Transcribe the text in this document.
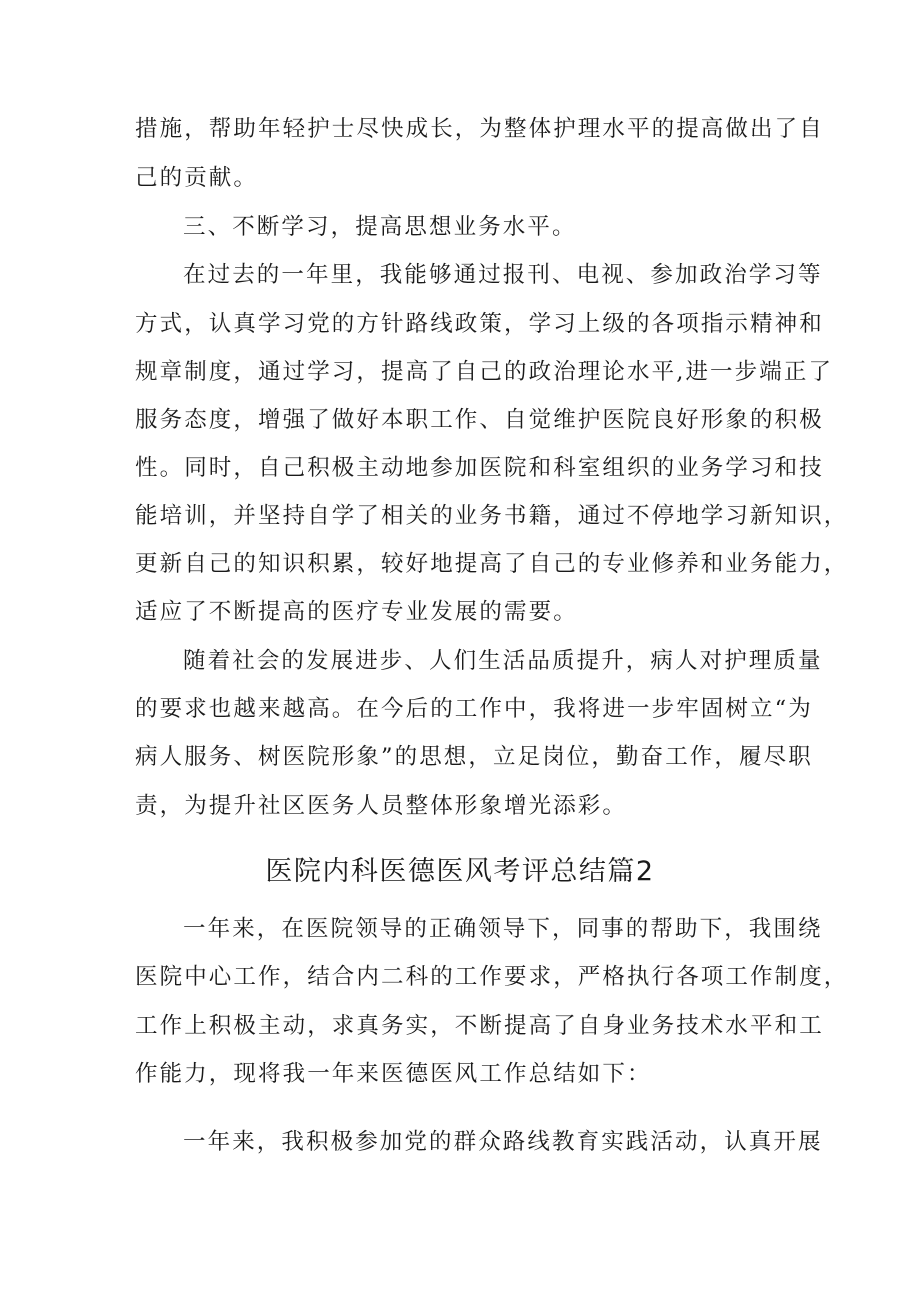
措施，帮助年轻护士尽快成长，为整体护理水平的提高做出了自
己的贡献。
三、不断学习，提高思想业务水平。
在过去的一年里，我能够通过报刊、电视、参加政治学习等
方式，认真学习党的方针路线政策，学习上级的各项指示精神和
规章制度，通过学习，提高了自己的政治理论水平,进一步端正了
服务态度，增强了做好本职工作、自觉维护医院良好形象的积极
性。同时，自己积极主动地参加医院和科室组织的业务学习和技
能培训，并坚持自学了相关的业务书籍，通过不停地学习新知识，
更新自己的知识积累，较好地提高了自己的专业修养和业务能力，
适应了不断提高的医疗专业发展的需要。
随着社会的发展进步、人们生活品质提升，病人对护理质量
的要求也越来越高。在今后的工作中，我将进一步牢固树立“为
病人服务、树医院形象”的思想，立足岗位，勤奋工作，履尽职
责，为提升社区医务人员整体形象增光添彩。
医院内科医德医风考评总结篇2
一年来，在医院领导的正确领导下，同事的帮助下，我围绕
医院中心工作，结合内二科的工作要求，严格执行各项工作制度，
工作上积极主动，求真务实，不断提高了自身业务技术水平和工
作能力，现将我一年来医德医风工作总结如下：
一年来，我积极参加党的群众路线教育实践活动，认真开展
